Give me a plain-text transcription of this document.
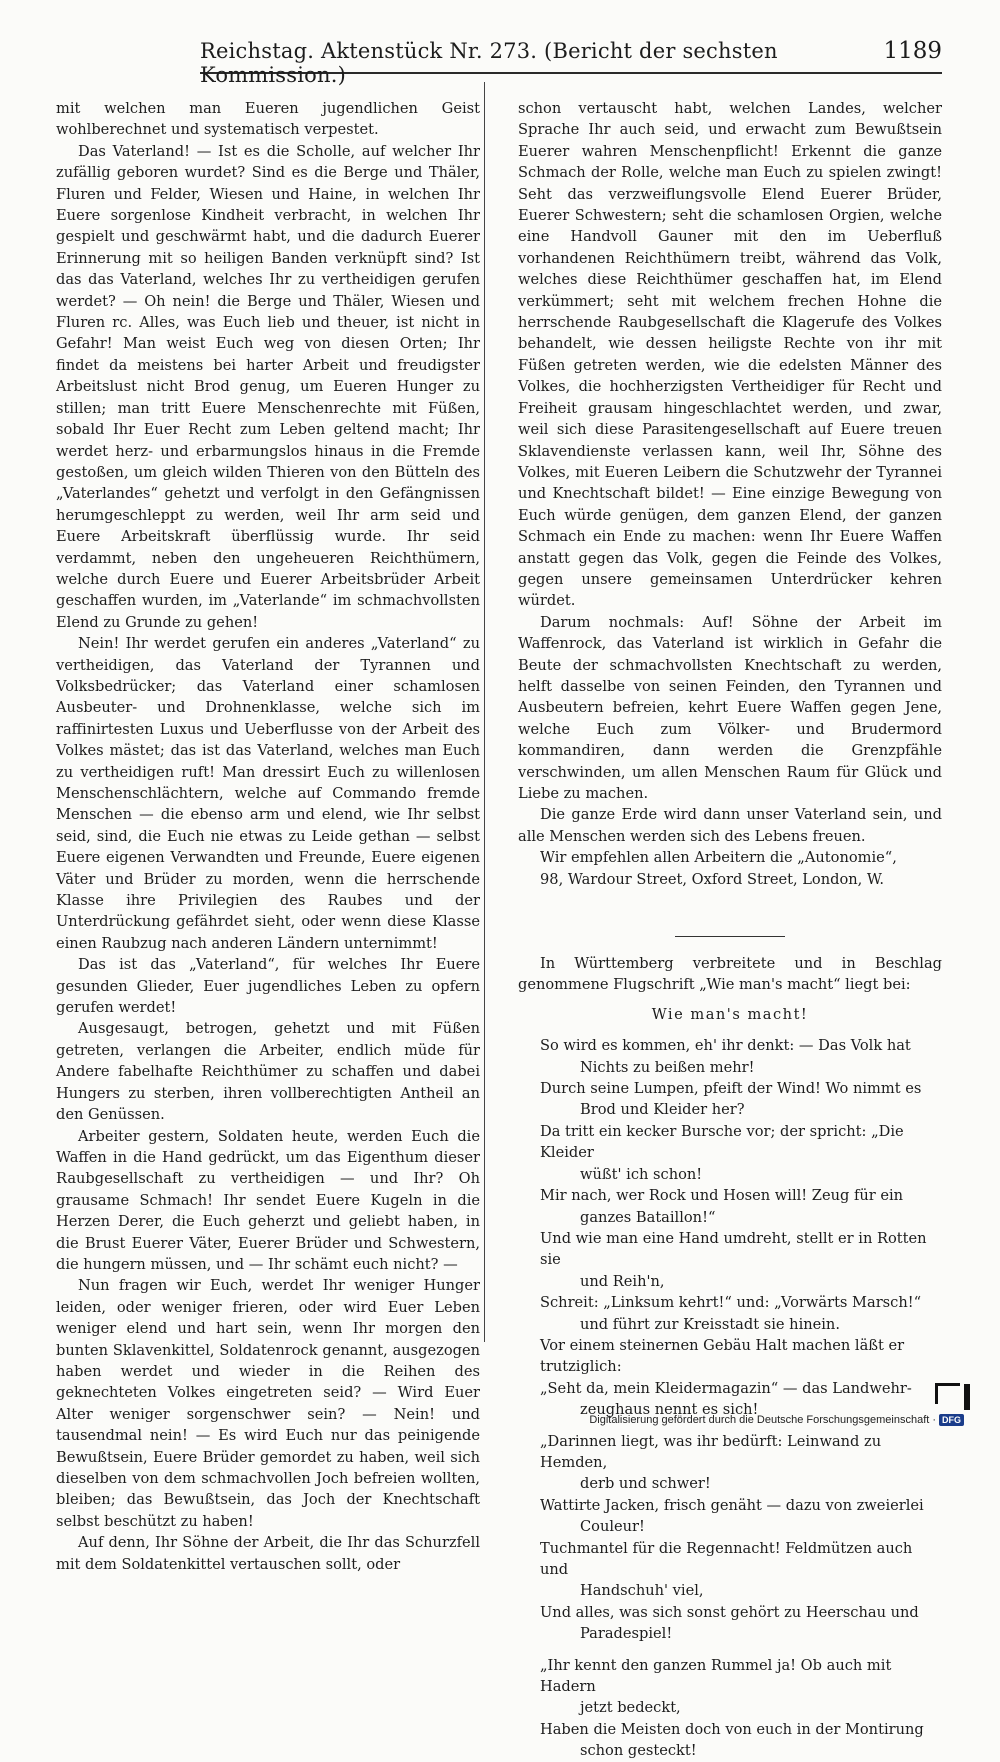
Reichstag. Aktenstück Nr. 273. (Bericht der sechsten Kommission.)
1189

mit welchen man Eueren jugendlichen Geist wohlberechnet und systematisch verpestet.

Das Vaterland! — Ist es die Scholle, auf welcher Ihr zufällig geboren wurdet? Sind es die Berge und Thäler, Fluren und Felder, Wiesen und Haine, in welchen Ihr Euere sorgenlose Kindheit verbracht, in welchen Ihr gespielt und geschwärmt habt, und die dadurch Euerer Erinnerung mit so heiligen Banden verknüpft sind? Ist das das Vaterland, welches Ihr zu vertheidigen gerufen werdet? — Oh nein! die Berge und Thäler, Wiesen und Fluren rc. Alles, was Euch lieb und theuer, ist nicht in Gefahr! Man weist Euch weg von diesen Orten; Ihr findet da meistens bei harter Arbeit und freudigster Arbeitslust nicht Brod genug, um Eueren Hunger zu stillen; man tritt Euere Menschenrechte mit Füßen, sobald Ihr Euer Recht zum Leben geltend macht; Ihr werdet herz- und erbarmungslos hinaus in die Fremde gestoßen, um gleich wilden Thieren von den Bütteln des „Vaterlandes“ gehetzt und verfolgt in den Gefängnissen herumgeschleppt zu werden, weil Ihr arm seid und Euere Arbeitskraft überflüssig wurde. Ihr seid verdammt, neben den ungeheueren Reichthümern, welche durch Euere und Euerer Arbeitsbrüder Arbeit geschaffen wurden, im „Vaterlande“ im schmachvollsten Elend zu Grunde zu gehen!

Nein! Ihr werdet gerufen ein anderes „Vaterland“ zu vertheidigen, das Vaterland der Tyrannen und Volksbedrücker; das Vaterland einer schamlosen Ausbeuter- und Drohnenklasse, welche sich im raffinirtesten Luxus und Ueberflusse von der Arbeit des Volkes mästet; das ist das Vaterland, welches man Euch zu vertheidigen ruft! Man dressirt Euch zu willenlosen Menschenschlächtern, welche auf Commando fremde Menschen — die ebenso arm und elend, wie Ihr selbst seid, sind, die Euch nie etwas zu Leide gethan — selbst Euere eigenen Verwandten und Freunde, Euere eigenen Väter und Brüder zu morden, wenn die herrschende Klasse ihre Privilegien des Raubes und der Unterdrückung gefährdet sieht, oder wenn diese Klasse einen Raubzug nach anderen Ländern unternimmt!

Das ist das „Vaterland“, für welches Ihr Euere gesunden Glieder, Euer jugendliches Leben zu opfern gerufen werdet!

Ausgesaugt, betrogen, gehetzt und mit Füßen getreten, verlangen die Arbeiter, endlich müde für Andere fabelhafte Reichthümer zu schaffen und dabei Hungers zu sterben, ihren vollberechtigten Antheil an den Genüssen.

Arbeiter gestern, Soldaten heute, werden Euch die Waffen in die Hand gedrückt, um das Eigenthum dieser Raubgesellschaft zu vertheidigen — und Ihr? Oh grausame Schmach! Ihr sendet Euere Kugeln in die Herzen Derer, die Euch geherzt und geliebt haben, in die Brust Euerer Väter, Euerer Brüder und Schwestern, die hungern müssen, und — Ihr schämt euch nicht? —

Nun fragen wir Euch, werdet Ihr weniger Hunger leiden, oder weniger frieren, oder wird Euer Leben weniger elend und hart sein, wenn Ihr morgen den bunten Sklavenkittel, Soldatenrock genannt, ausgezogen haben werdet und wieder in die Reihen des geknechteten Volkes eingetreten seid? — Wird Euer Alter weniger sorgenschwer sein? — Nein! und tausendmal nein! — Es wird Euch nur das peinigende Bewußtsein, Euere Brüder gemordet zu haben, weil sich dieselben von dem schmachvollen Joch befreien wollten, bleiben; das Bewußtsein, das Joch der Knechtschaft selbst beschützt zu haben!

Auf denn, Ihr Söhne der Arbeit, die Ihr das Schurzfell mit dem Soldatenkittel vertauschen sollt, oder

schon vertauscht habt, welchen Landes, welcher Sprache Ihr auch seid, und erwacht zum Bewußtsein Euerer wahren Menschenpflicht! Erkennt die ganze Schmach der Rolle, welche man Euch zu spielen zwingt! Seht das verzweiflungsvolle Elend Euerer Brüder, Euerer Schwestern; seht die schamlosen Orgien, welche eine Handvoll Gauner mit den im Ueberfluß vorhandenen Reichthümern treibt, während das Volk, welches diese Reichthümer geschaffen hat, im Elend verkümmert; seht mit welchem frechen Hohne die herrschende Raubgesellschaft die Klagerufe des Volkes behandelt, wie dessen heiligste Rechte von ihr mit Füßen getreten werden, wie die edelsten Männer des Volkes, die hochherzigsten Vertheidiger für Recht und Freiheit grausam hingeschlachtet werden, und zwar, weil sich diese Parasitengesellschaft auf Euere treuen Sklavendienste verlassen kann, weil Ihr, Söhne des Volkes, mit Eueren Leibern die Schutzwehr der Tyrannei und Knechtschaft bildet! — Eine einzige Bewegung von Euch würde genügen, dem ganzen Elend, der ganzen Schmach ein Ende zu machen: wenn Ihr Euere Waffen anstatt gegen das Volk, gegen die Feinde des Volkes, gegen unsere gemeinsamen Unterdrücker kehren würdet.

Darum nochmals: Auf! Söhne der Arbeit im Waffenrock, das Vaterland ist wirklich in Gefahr die Beute der schmachvollsten Knechtschaft zu werden, helft dasselbe von seinen Feinden, den Tyrannen und Ausbeutern befreien, kehrt Euere Waffen gegen Jene, welche Euch zum Völker- und Brudermord kommandiren, dann werden die Grenzpfähle verschwinden, um allen Menschen Raum für Glück und Liebe zu machen.

Die ganze Erde wird dann unser Vaterland sein, und alle Menschen werden sich des Lebens freuen.

Wir empfehlen allen Arbeitern die „Autonomie“,

98, Wardour Street, Oxford Street, London, W.

In Württemberg verbreitete und in Beschlag genommene Flugschrift „Wie man's macht“ liegt bei:

Wie man's macht!

So wird es kommen, eh' ihr denkt: — Das Volk hat
Nichts zu beißen mehr!

Durch seine Lumpen, pfeift der Wind! Wo nimmt es
Brod und Kleider her?

Da tritt ein kecker Bursche vor; der spricht: „Die Kleider
wüßt' ich schon!

Mir nach, wer Rock und Hosen will! Zeug für ein
ganzes Bataillon!“

Und wie man eine Hand umdreht, stellt er in Rotten sie
und Reih'n,

Schreit: „Linksum kehrt!“ und: „Vorwärts Marsch!“
und führt zur Kreisstadt sie hinein.

Vor einem steinernen Gebäu Halt machen läßt er trutziglich:

„Seht da, mein Kleidermagazin“ — das Landwehr-
zeughaus nennt es sich!

„Darinnen liegt, was ihr bedürft: Leinwand zu Hemden,
derb und schwer!

Wattirte Jacken, frisch genäht — dazu von zweierlei
Couleur!

Tuchmantel für die Regennacht! Feldmützen auch und
Handschuh' viel,

Und alles, was sich sonst gehört zu Heerschau und
Paradespiel!

„Ihr kennt den ganzen Rummel ja! Ob auch mit Hadern
jetzt bedeckt,

Haben die Meisten doch von euch in der Montirung
schon gesteckt!

Digitalisierung gefördert durch die Deutsche Forschungsgemeinschaft · DFG
